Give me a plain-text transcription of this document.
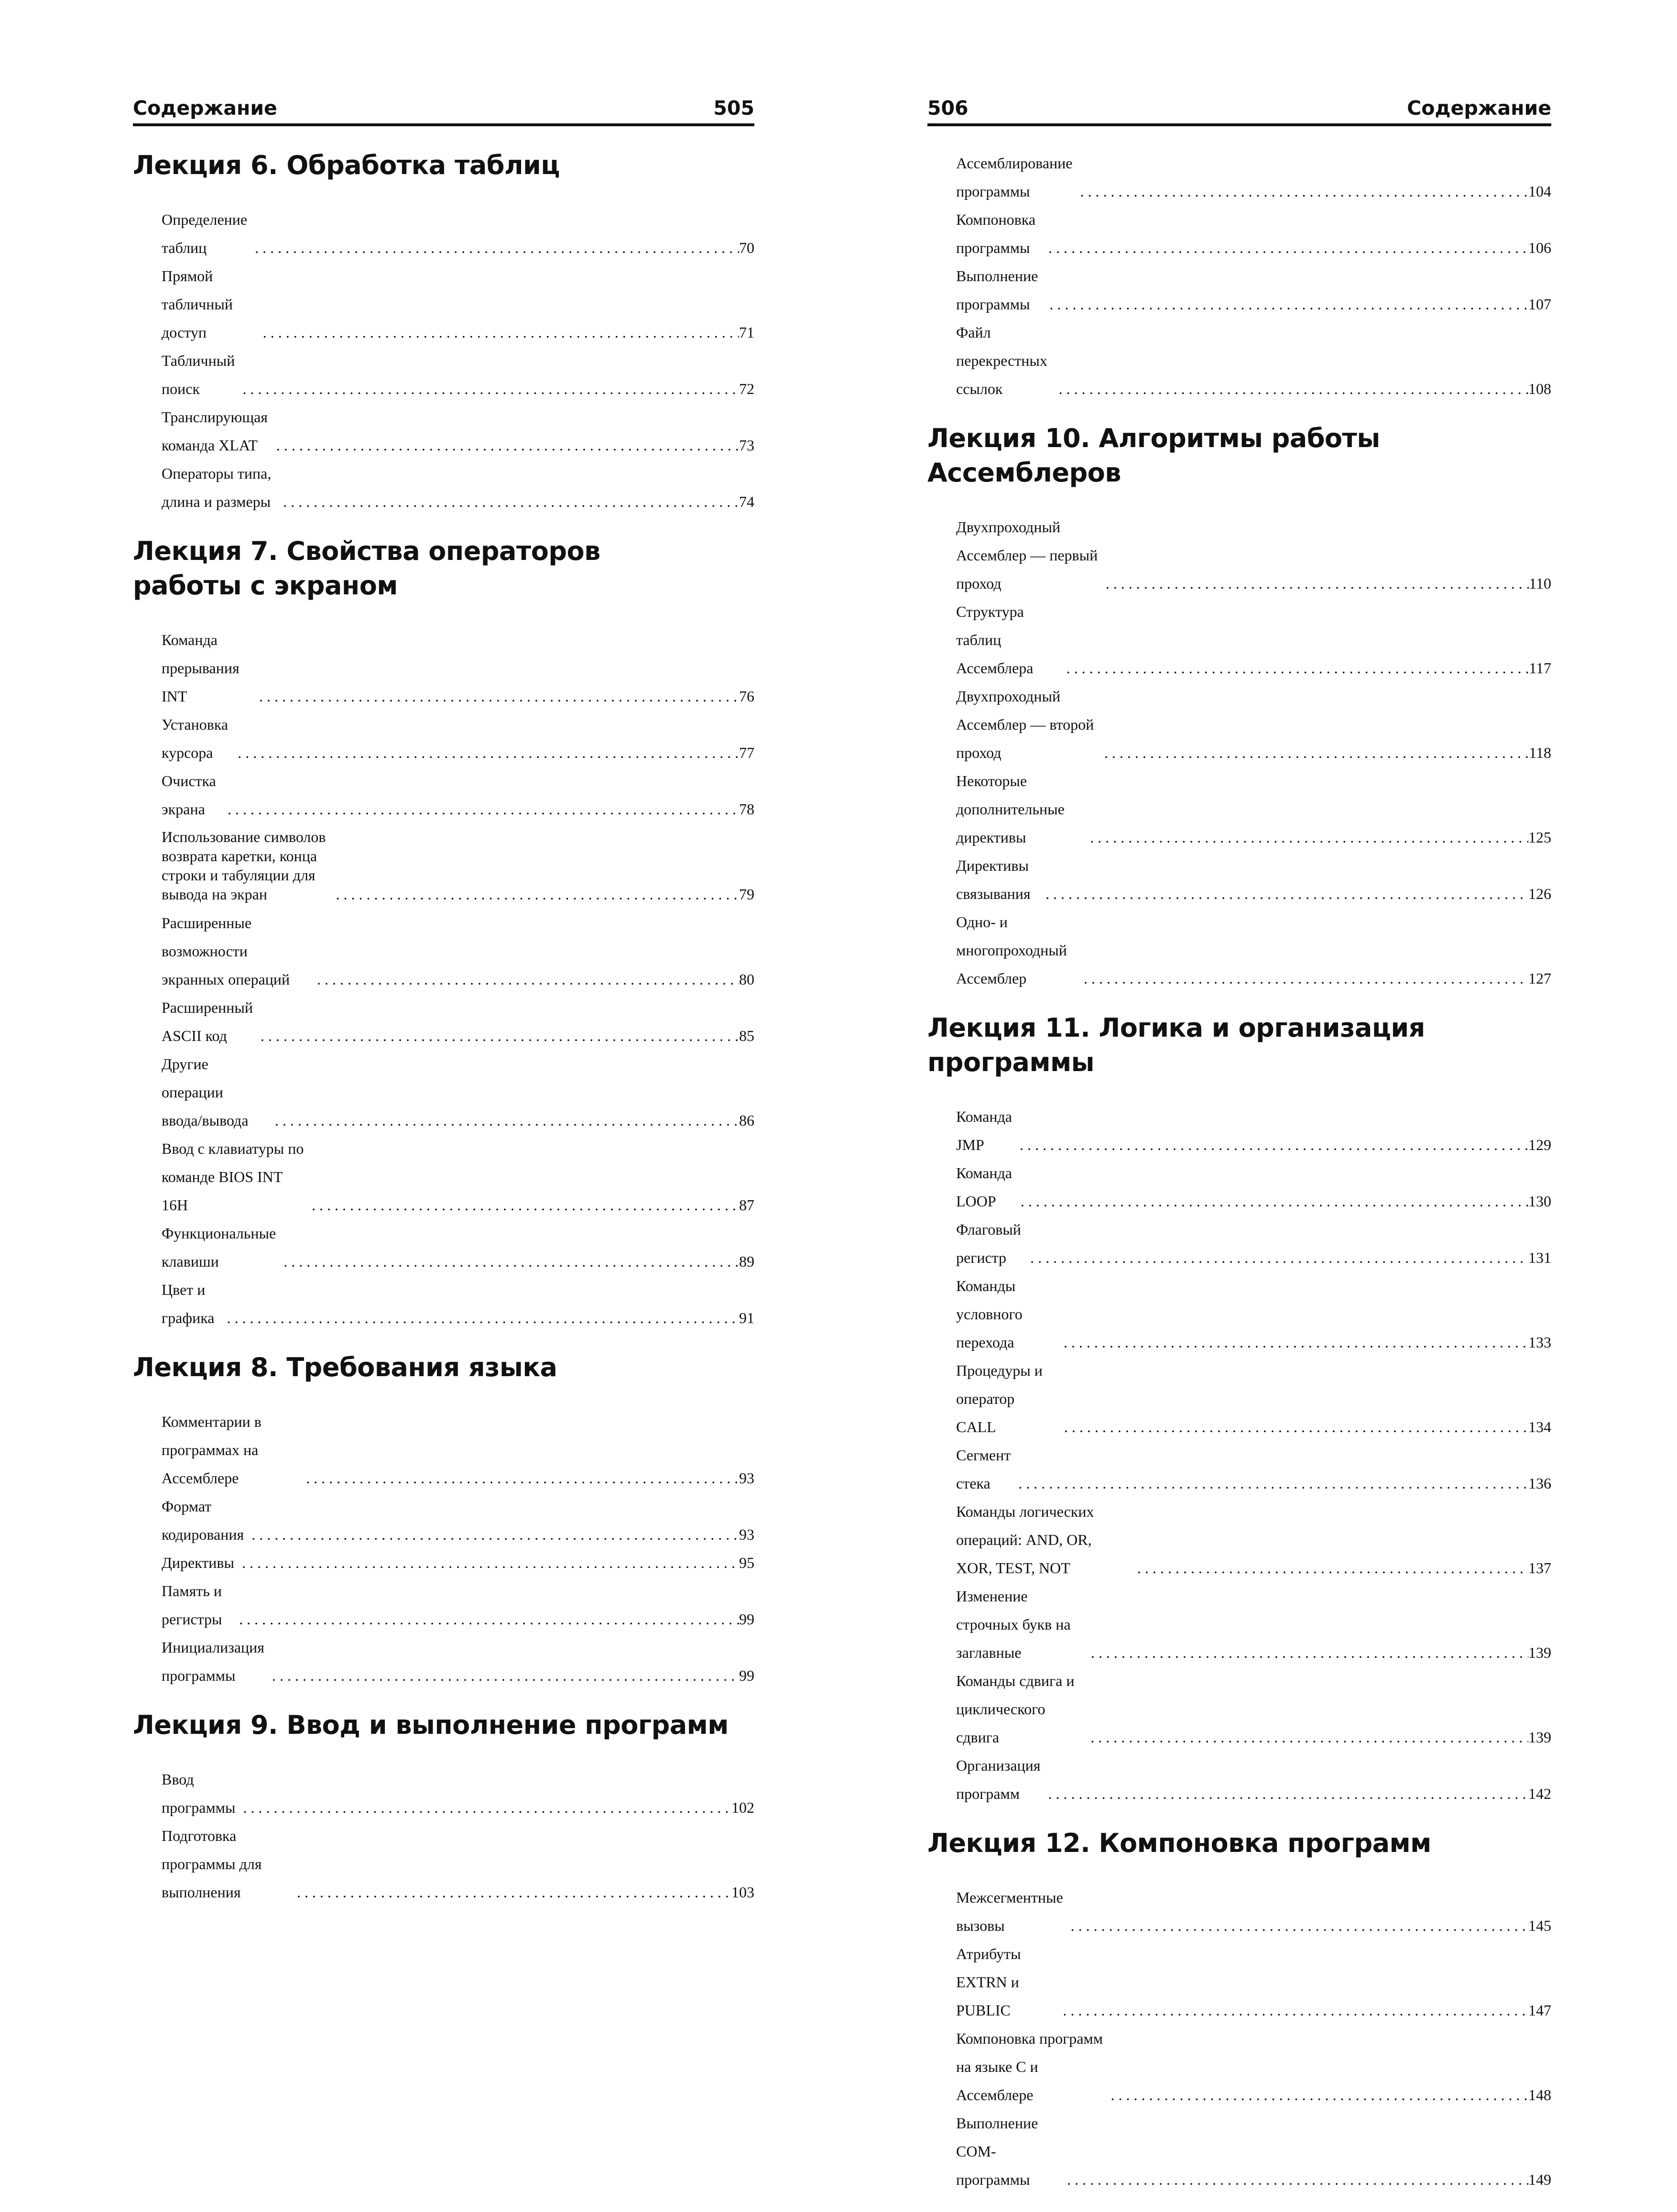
Содержание	505
Лекция 6. Обработка таблиц
Определение таблиц . . .	70
Прямой табличный доступ . . .	71
Табличный поиск . . .	72
Транслирующая команда XLAT . . .	73
Операторы типа, длина и размеры . . .	74
Лекция 7. Свойства операторов работы с экраном
Команда прерывания INT . . .	76
Установка курсора . . .	77
Очистка экрана . . .	78
Использование символов возврата каретки, конца строки и табуляции для вывода на экран . . .	79
Расширенные возможности экранных операций . . .	80
Расширенный ASCII код . . .	85
Другие операции ввода/вывода . . .	86
Ввод с клавиатуры по команде BIOS INT 16H . . .	87
Функциональные клавиши . . .	89
Цвет и графика . . .	91
Лекция 8. Требования языка
Комментарии в программах на Ассемблере . . .	93
Формат кодирования . . .	93
Директивы . . .	95
Память и регистры . . .	99
Инициализация программы . . .	99
Лекция 9. Ввод и выполнение программ
Ввод программы . . .	102
Подготовка программы для выполнения . . .	103
506	Содержание
Ассемблирование программы . . .	104
Компоновка программы . . .	106
Выполнение программы . . .	107
Файл перекрестных ссылок . . .	108
Лекция 10. Алгоритмы работы Ассемблеров
Двухпроходный Ассемблер — первый проход . . .	110
Структура таблиц Ассемблера . . .	117
Двухпроходный Ассемблер — второй проход . . .	118
Некоторые дополнительные директивы . . .	125
Директивы связывания . . .	126
Одно- и многопроходный Ассемблер . . .	127
Лекция 11. Логика и организация программы
Команда JMP . . .	129
Команда LOOP . . .	130
Флаговый регистр . . .	131
Команды условного перехода . . .	133
Процедуры и оператор CALL . . .	134
Сегмент стека . . .	136
Команды логических операций: AND, OR, XOR, TEST, NOT . . .	137
Изменение строчных букв на заглавные . . .	139
Команды сдвига и циклического сдвига . . .	139
Организация программ . . .	142
Лекция 12. Компоновка программ
Межсегментные вызовы . . .	145
Атрибуты EXTRN и PUBLIC . . .	147
Компоновка программ на языке С и Ассемблере . . .	148
Выполнение COM-программы . . .	149
